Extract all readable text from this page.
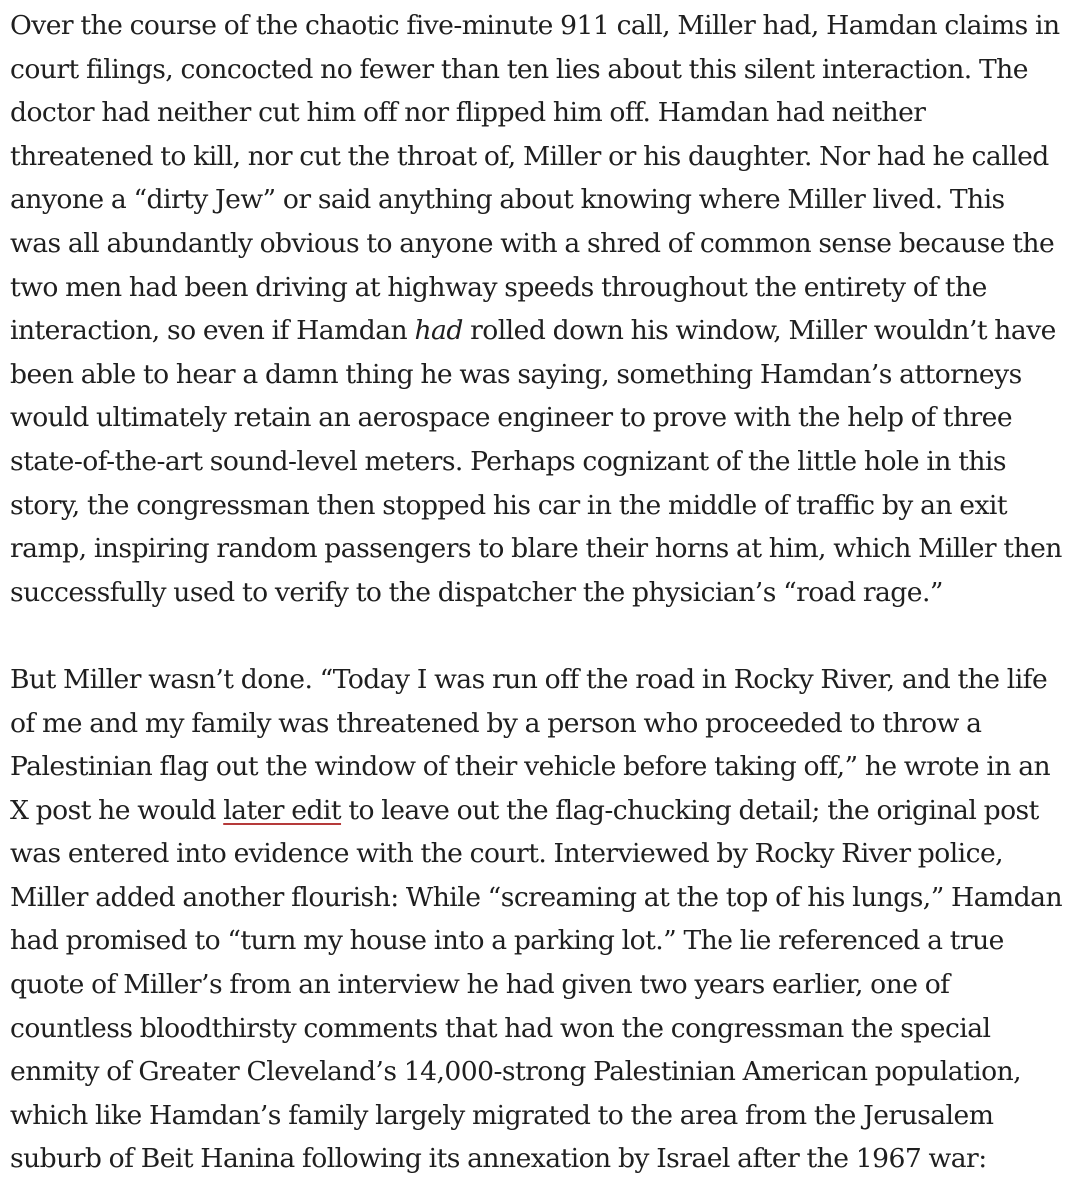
Over the course of the chaotic five-minute 911 call, Miller had, Hamdan claims in
court filings, concocted no fewer than ten lies about this silent interaction. The
doctor had neither cut him off nor flipped him off. Hamdan had neither
threatened to kill, nor cut the throat of, Miller or his daughter. Nor had he called
anyone a “dirty Jew” or said anything about knowing where Miller lived. This
was all abundantly obvious to anyone with a shred of common sense because the
two men had been driving at highway speeds throughout the entirety of the
interaction, so even if Hamdan had rolled down his window, Miller wouldn’t have
been able to hear a damn thing he was saying, something Hamdan’s attorneys
would ultimately retain an aerospace engineer to prove with the help of three
state-of-the-art sound-level meters. Perhaps cognizant of the little hole in this
story, the congressman then stopped his car in the middle of traffic by an exit
ramp, inspiring random passengers to blare their horns at him, which Miller then
successfully used to verify to the dispatcher the physician’s “road rage.”

But Miller wasn’t done. “Today I was run off the road in Rocky River, and the life
of me and my family was threatened by a person who proceeded to throw a
Palestinian flag out the window of their vehicle before taking off,” he wrote in an
X post he would later edit to leave out the flag-chucking detail; the original post
was entered into evidence with the court. Interviewed by Rocky River police,
Miller added another flourish: While “screaming at the top of his lungs,” Hamdan
had promised to “turn my house into a parking lot.” The lie referenced a true
quote of Miller’s from an interview he had given two years earlier, one of
countless bloodthirsty comments that had won the congressman the special
enmity of Greater Cleveland’s 14,000-strong Palestinian American population,
which like Hamdan’s family largely migrated to the area from the Jerusalem
suburb of Beit Hanina following its annexation by Israel after the 1967 war:
